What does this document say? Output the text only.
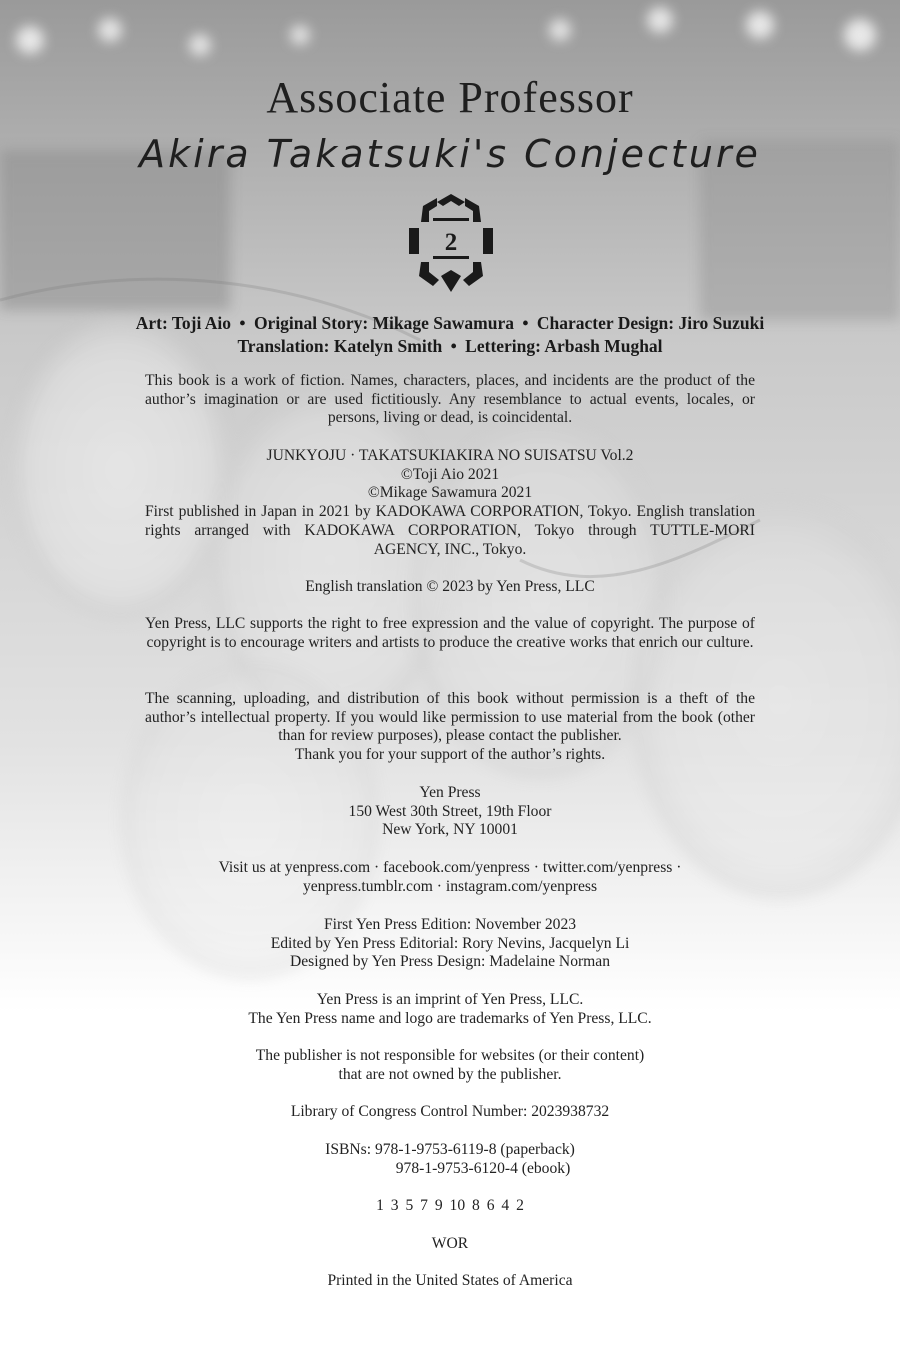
Associate Professor
Akira Takatsuki's Conjecture
2
Art: Toji Aio • Original Story: Mikage Sawamura • Character Design: Jiro Suzuki
Translation: Katelyn Smith • Lettering: Arbash Mughal
This book is a work of fiction. Names, characters, places, and incidents are the product of the author’s imagination or are used fictitiously. Any resemblance to actual events, locales, or persons, living or dead, is coincidental.
JUNKYOJU · TAKATSUKIAKIRA NO SUISATSU Vol.2
©Toji Aio 2021
©Mikage Sawamura 2021
First published in Japan in 2021 by KADOKAWA CORPORATION, Tokyo. English translation rights arranged with KADOKAWA CORPORATION, Tokyo through TUTTLE-MORI AGENCY, INC., Tokyo.
English translation © 2023 by Yen Press, LLC
Yen Press, LLC supports the right to free expression and the value of copyright. The purpose of copyright is to encourage writers and artists to produce the creative works that enrich our culture.
The scanning, uploading, and distribution of this book without permission is a theft of the author’s intellectual property. If you would like permission to use material from the book (other than for review purposes), please contact the publisher.
Thank you for your support of the author’s rights.
Yen Press
150 West 30th Street, 19th Floor
New York, NY 10001
Visit us at yenpress.com · facebook.com/yenpress · twitter.com/yenpress ·
yenpress.tumblr.com · instagram.com/yenpress
First Yen Press Edition: November 2023
Edited by Yen Press Editorial: Rory Nevins, Jacquelyn Li
Designed by Yen Press Design: Madelaine Norman
Yen Press is an imprint of Yen Press, LLC.
The Yen Press name and logo are trademarks of Yen Press, LLC.
The publisher is not responsible for websites (or their content)
that are not owned by the publisher.
Library of Congress Control Number: 2023938732
ISBNs: 978-1-9753-6119-8 (paperback)
978-1-9753-6120-4 (ebook)
1 3 5 7 9 10 8 6 4 2
WOR
Printed in the United States of America
